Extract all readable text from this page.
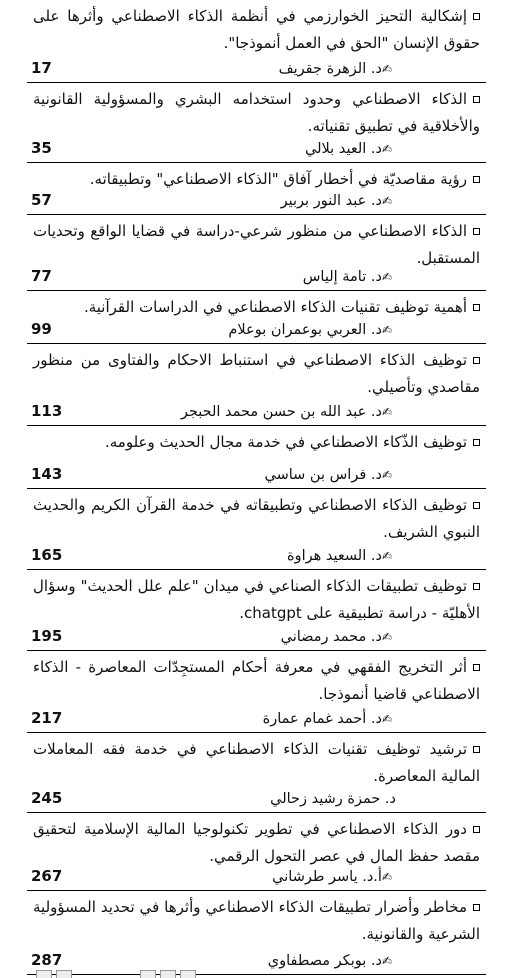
إشكالية التحيز الخوارزمي في أنظمة الذكاء الاصطناعي وأثرها على حقوق الإنسان "الحق في العمل أنموذجا".
✍د. الزهرة جقريف
17
الذكاء الاصطناعي وحدود استخدامه البشري والمسؤولية القانونية والأخلاقية في تطبيق تقنياته.
✍د. العيد بلالي
35
رؤية مقاصديّة في أخطار آفاق "الذكاء الاصطناعي" وتطبيقاته.
✍د. عبد النور بربير
57
الذكاء الاصطناعي من منظور شرعي-دراسة في قضايا الواقع وتحديات المستقبل.
✍د. تامة إلياس
77
أهمية توظيف تقنيات الذكاء الاصطناعي في الدراسات القرآنية.
✍د. العربي بوعمران بوعلام
99
توظيف الذكاء الاصطناعي في استنباط الاحكام والفتاوى من منظور مقاصدي وتأصيلي.
✍د. عبد الله بن حسن محمد الحبجر
113
توظيف الذّكاء الاصطناعي في خدمة مجال الحديث وعلومه.
✍د. فراس بن ساسي
143
توظيف الذكاء الاصطناعي وتطبيقاته في خدمة القرآن الكريم والحديث النبوي الشريف.
✍د. السعيد هراوة
165
توظيف تطبيقات الذكاء الصناعي في ميدان "علم علل الحديث" وسؤال الأهليّة - دراسة تطبيقية على chatgpt.
✍د. محمد رمضاني
195
أثر التخريج الفقهي في معرفة أحكام المستجِدّات المعاصرة - الذكاء الاصطناعي قاضيا أنموذجا.
✍د. أحمد غمام عمارة
217
ترشيد توظيف تقنيات الذكاء الاصطناعي في خدمة فقه المعاملات المالية المعاصرة.
د. حمزة رشيد زحالي
245
دور الذكاء الاصطناعي في تطوير تكنولوجيا المالية الإسلامية لتحقيق مقصد حفظ المال في عصر التحول الرقمي.
✍أ.د. ياسر طرشاني
267
مخاطر وأضرار تطبيقات الذكاء الاصطناعي وأثرها في تحديد المسؤولية الشرعية والقانونية.
✍د. بوبكر مصطفاوي
287
